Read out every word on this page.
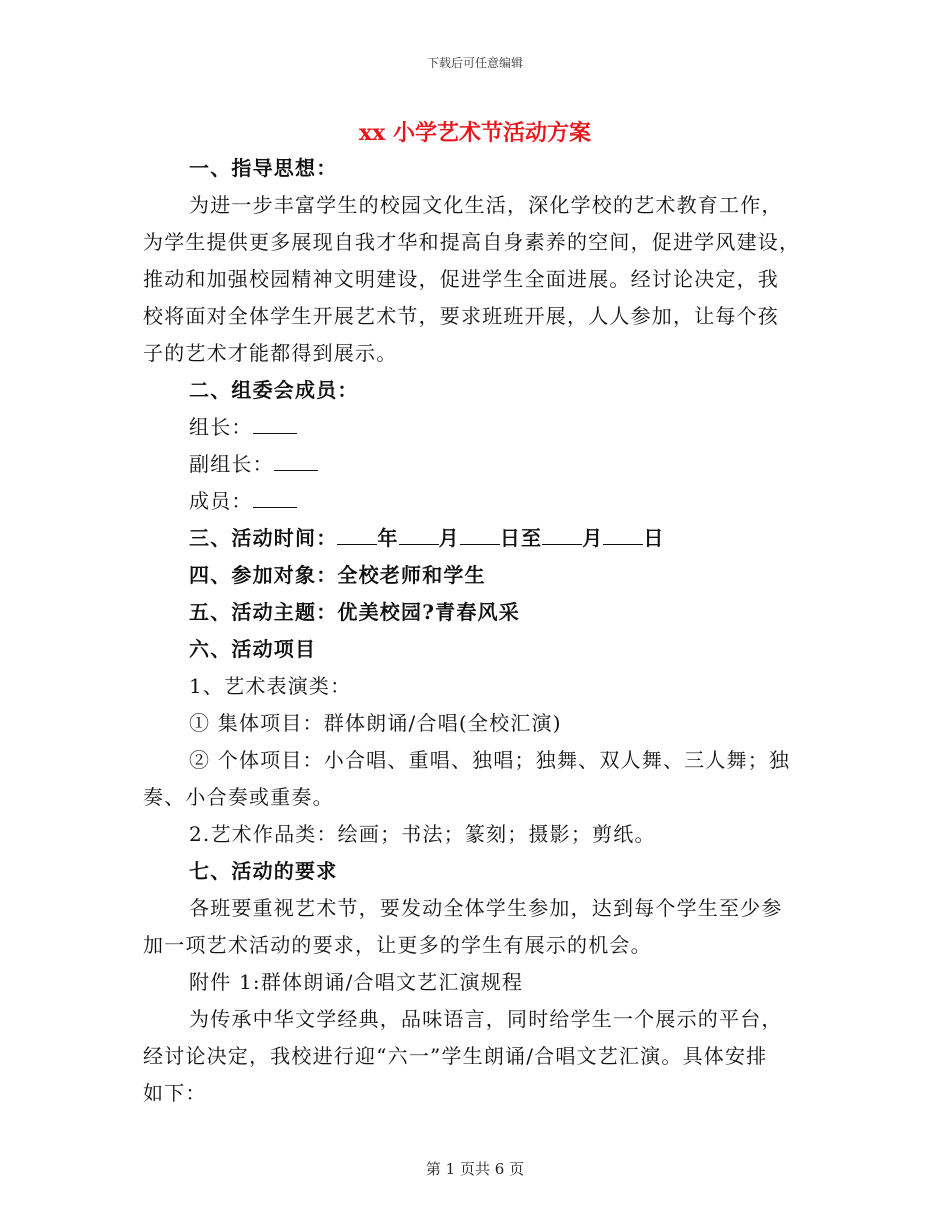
下载后可任意编辑
xx 小学艺术节活动方案
一、指导思想：
为进一步丰富学生的校园文化生活，深化学校的艺术教育工作，
为学生提供更多展现自我才华和提高自身素养的空间，促进学风建设，
推动和加强校园精神文明建设，促进学生全面进展。经讨论决定，我
校将面对全体学生开展艺术节，要求班班开展，人人参加，让每个孩
子的艺术才能都得到展示。
二、组委会成员：
组长：
副组长：
成员：
三、活动时间： 年 月 日至 月 日
四、参加对象：全校老师和学生
五、活动主题：优美校园?青春风采
六、活动项目
1、艺术表演类：
① 集体项目：群体朗诵/合唱(全校汇演)
② 个体项目：小合唱、重唱、独唱；独舞、双人舞、三人舞；独
奏、小合奏或重奏。
2.艺术作品类：绘画；书法；篆刻；摄影；剪纸。
七、活动的要求
各班要重视艺术节，要发动全体学生参加，达到每个学生至少参
加一项艺术活动的要求，让更多的学生有展示的机会。
附件 1:群体朗诵/合唱文艺汇演规程
为传承中华文学经典，品味语言，同时给学生一个展示的平台，
经讨论决定，我校进行迎“六一”学生朗诵/合唱文艺汇演。具体安排
如下：
第 1 页共 6 页
